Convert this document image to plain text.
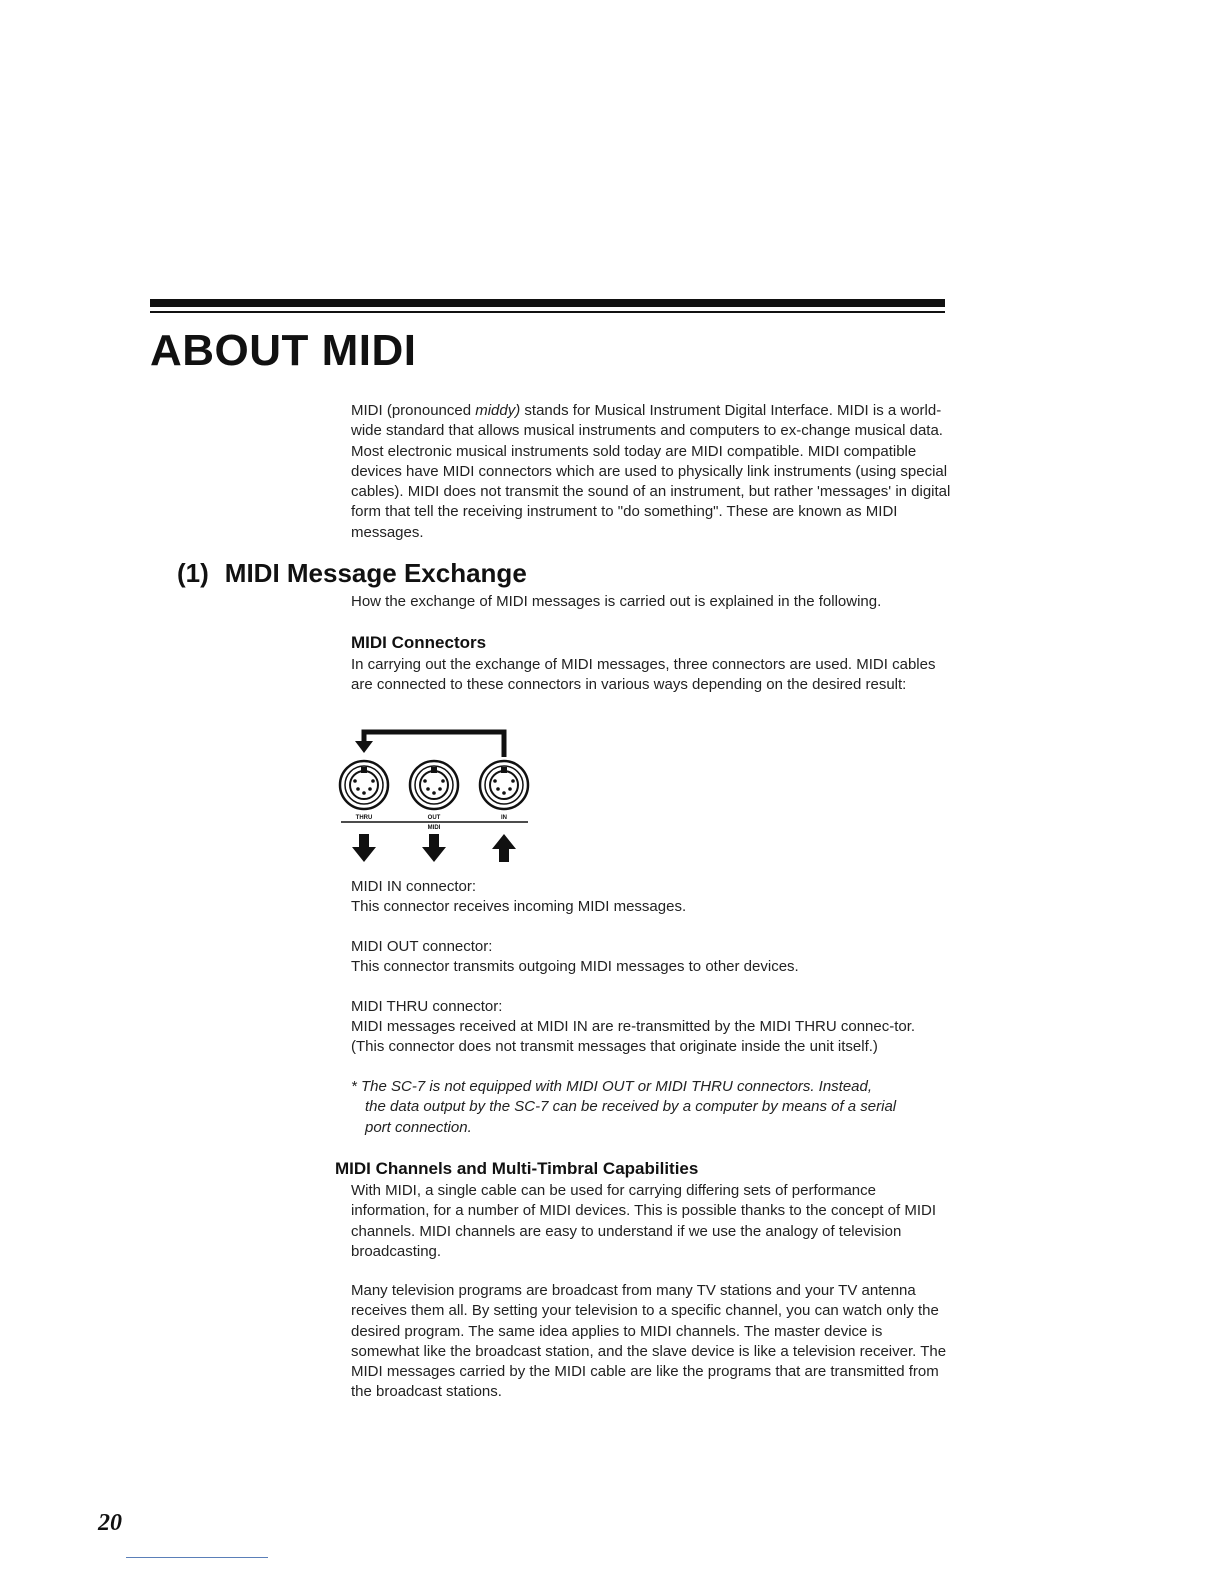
ABOUT MIDI

MIDI (pronounced middy) stands for Musical Instrument Digital Interface. MIDI is a world-wide standard that allows musical instruments and computers to ex-change musical data. Most electronic musical instruments sold today are MIDI compatible. MIDI compatible devices have MIDI connectors which are used to physically link instruments (using special cables). MIDI does not transmit the sound of an instrument, but rather 'messages' in digital form that tell the receiving instrument to "do something". These are known as MIDI messages.

(1) MIDI Message Exchange

How the exchange of MIDI messages is carried out is explained in the following.

MIDI Connectors

In carrying out the exchange of MIDI messages, three connectors are used. MIDI cables are connected to these connectors in various ways depending on the desired result:

THRU	OUT	IN
MIDI

MIDI IN connector:

This connector receives incoming MIDI messages.

MIDI OUT connector:

This connector transmits outgoing MIDI messages to other devices.

MIDI THRU connector:

MIDI messages received at MIDI IN are re-transmitted by the MIDI THRU connec-tor. (This connector does not transmit messages that originate inside the unit itself.)

* The SC-7 is not equipped with MIDI OUT or MIDI THRU connectors. Instead,
the data output by the SC-7 can be received by a computer by means of a serial
port connection.

MIDI Channels and Multi-Timbral Capabilities

With MIDI, a single cable can be used for carrying differing sets of performance information, for a number of MIDI devices. This is possible thanks to the concept of MIDI channels. MIDI channels are easy to understand if we use the analogy of television broadcasting.

Many television programs are broadcast from many TV stations and your TV antenna receives them all. By setting your television to a specific channel, you can watch only the desired program. The same idea applies to MIDI channels. The master device is somewhat like the broadcast station, and the slave device is like a television receiver. The MIDI messages carried by the MIDI cable are like the programs that are transmitted from the broadcast stations.

20
